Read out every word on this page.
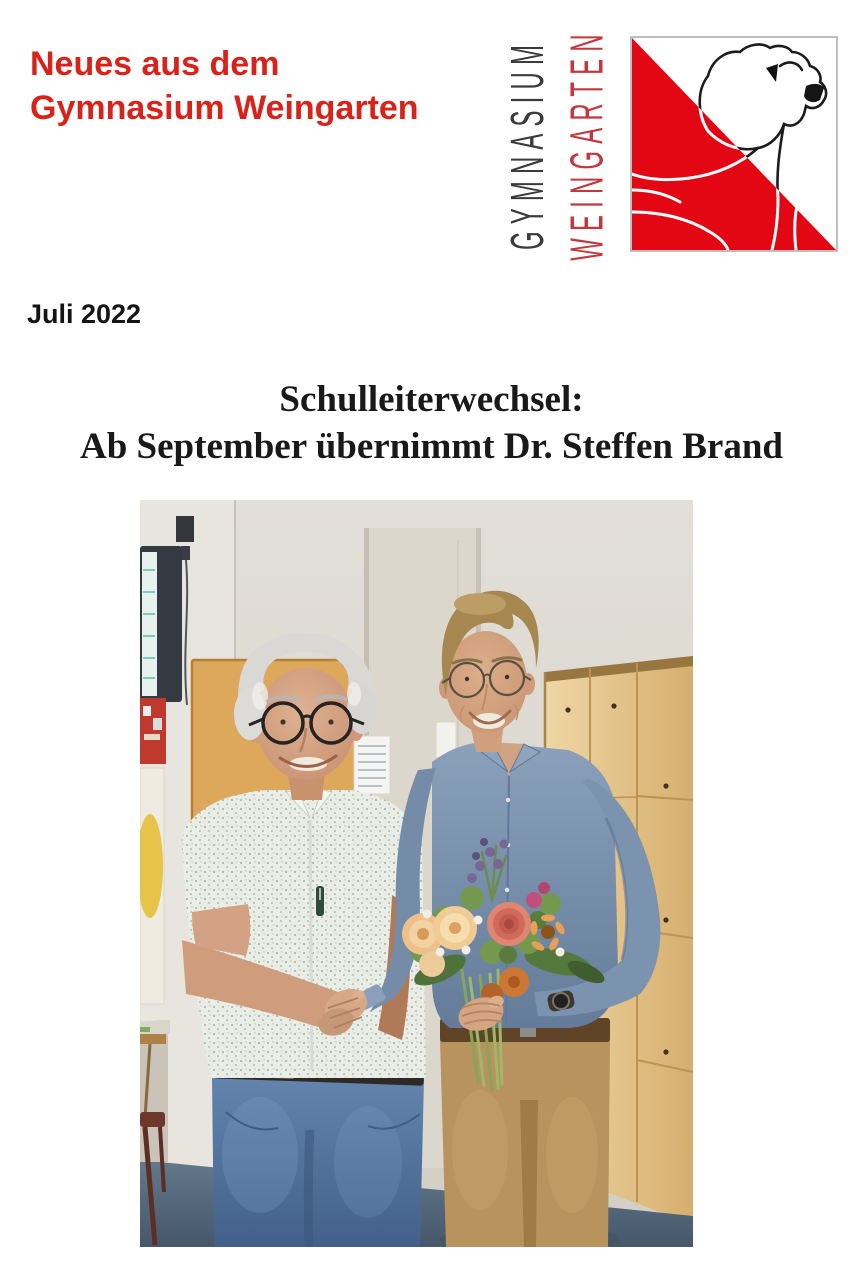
Neues aus dem
Gymnasium Weingarten GYMNASIUM WEINGARTEN
Juli 2022
Schulleiterwechsel:
Ab September übernimmt Dr. Steffen Brand
